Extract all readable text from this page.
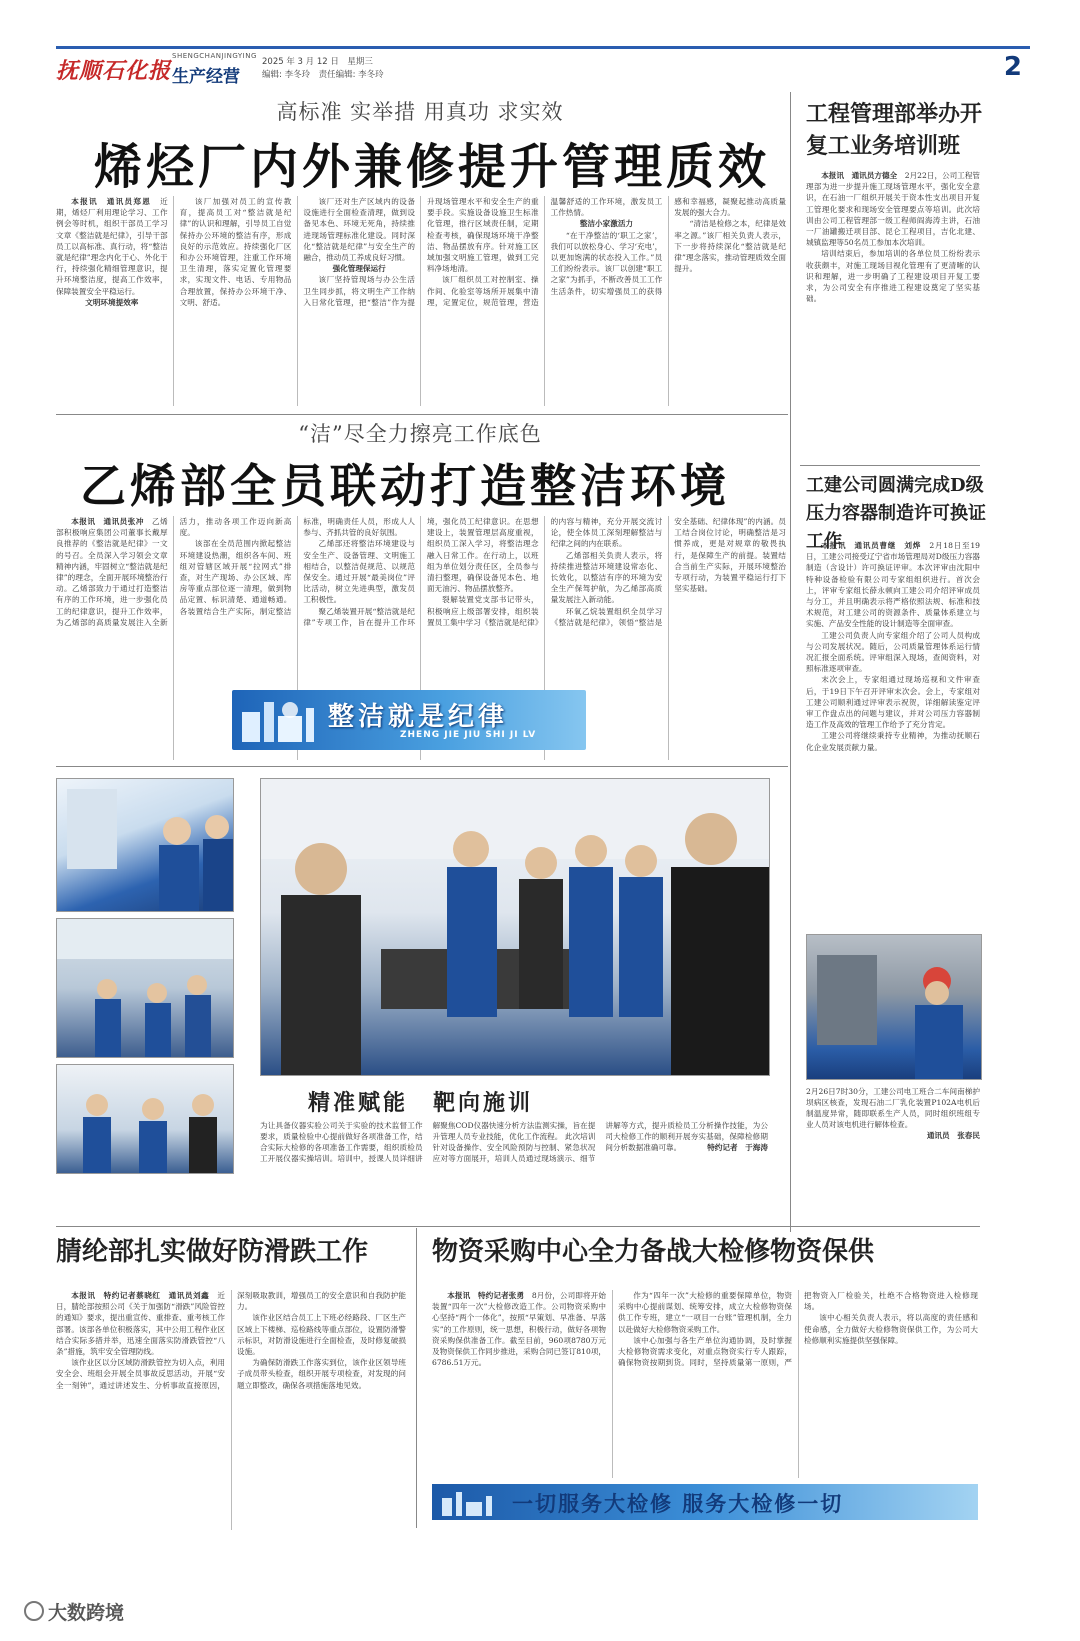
抚顺石化报
SHENGCHANJINGYING
生产经营
2025 年 3 月 12 日　星期三
编辑: 李冬玲　责任编辑: 李冬玲	2
高标准 实举措 用真功 求实效
烯烃厂内外兼修提升管理质效

本报讯　通讯员郑恩　 近期，烯烃厂利用理论学习、工作例会等时机，组织干部员工学习文章《整洁就是纪律》，引导干部员工以高标准、真行动，将“整洁就是纪律”理念内化于心、外化于行，持续强化精细管理意识，提升环境整洁度，提高工作效率，保障装置安全平稳运行。

文明环境提效率

该厂加强对员工的宣传教育，提高员工对“整洁就是纪律”的认识和理解，引导员工自觉保持办公环境的整洁有序，形成良好的示范效应。持续强化厂区和办公环境管理，注重工作环境卫生清理，落实定置化管理要求，实现文件、电话、专用物品合理放置，保持办公环境干净、文明、舒适。

该厂还对生产区域内的设备设施进行全面检查清理，做到设备见本色、环境无死角，持续推进现场管理标准化建设。同时深化“整洁就是纪律”与安全生产的融合，推动员工养成良好习惯。

强化管理保运行

该厂坚持管现场与办公生活卫生同步抓，将文明生产工作纳入日常化管理，把“整洁”作为提升现场管理水平和安全生产的重要手段。实施设备设施卫生标准化管理，推行区域责任制，定期检查考核，确保现场环境干净整洁、物品摆放有序。针对施工区域加强文明施工管理，做到工完料净场地清。

该厂组织员工对控制室、操作间、化验室等场所开展集中清理，定置定位，规范管理，营造温馨舒适的工作环境，激发员工工作热情。

整洁小家激活力

“在干净整洁的‘职工之家’，我们可以放松身心、学习‘充电’，以更加饱满的状态投入工作。”员工们纷纷表示。该厂以创建“职工之家”为抓手，不断改善员工工作生活条件，切实增强员工的获得感和幸福感，凝聚起推动高质量发展的强大合力。

“清洁是检修之本，纪律是效率之源。”该厂相关负责人表示，下一步将持续深化“整洁就是纪律”理念落实，推动管理质效全面提升。

“洁”尽全力擦亮工作底色
乙烯部全员联动打造整洁环境

本报讯　通讯员张冲　 乙烯部积极响应集团公司董事长戴厚良推荐的《整洁就是纪律》一文的号召。全员深入学习领会文章精神内涵，牢固树立“整洁就是纪律”的理念，全面开展环境整治行动。乙烯部致力于通过打造整洁有序的工作环境，进一步强化员工的纪律意识，提升工作效率，为乙烯部的高质量发展注入全新活力，推动各项工作迈向新高度。

该部在全员范围内掀起整洁环境建设热潮，组织各车间、班组对管辖区域开展“拉网式”排查，对生产现场、办公区域、库房等重点部位逐一清理，做到物品定置、标识清楚、通道畅通。各装置结合生产实际，制定整洁标准，明确责任人员，形成人人参与、齐抓共管的良好氛围。

乙烯部还将整洁环境建设与安全生产、设备管理、文明施工相结合，以整洁促规范、以规范保安全。通过开展“最美岗位”评比活动，树立先进典型，激发员工积极性。

聚乙烯装置开展“整洁就是纪律”专项工作，旨在提升工作环境，强化员工纪律意识。在思想建设上，装置管理层高度重视，组织员工深入学习，将整洁理念融入日常工作。在行动上，以班组为单位划分责任区，全员参与清扫整理，确保设备见本色、地面无油污、物品摆放整齐。

裂解装置党支部书记带头，积极响应上级部署安排，组织装置员工集中学习《整洁就是纪律》的内容与精神，充分开展交流讨论，使全体员工深刻理解整洁与纪律之间的内在联系。

乙烯部相关负责人表示，将持续推进整洁环境建设常态化、长效化，以整洁有序的环境为安全生产保驾护航，为乙烯部高质量发展注入新动能。

环氧乙烷装置组织全员学习《整洁就是纪律》，领悟“整洁是安全基础、纪律体现”的内涵。员工结合岗位讨论，明确整洁是习惯养成，更是对规章的敬畏执行，是保障生产的前提。装置结合当前生产实际，开展环境整治专项行动，为装置平稳运行打下坚实基础。

整洁就是纪律
ZHENG JIE JIU SHI JI LV
精准赋能　靶向施训
为让具备仪器实验公司关于实验的技术监督工作要求，质量检验中心提前做好各项准备工作，结合实际大检修的各项准备工作需要，组织质检员工开展仪器实操培训。培训中，授课人员详细讲解聚焦COD仪器快速分析方法监测实操，旨在提升管理人员专业技能，优化工作流程。 此次培训针对设备操作、安全风险预防与控制、紧急状况应对等方面展开，培训人员通过现场演示、细节讲解等方式，提升质检员工分析操作技能，为公司大检修工作的顺利开展夯实基础，保障检修期间分析数据准确可靠。	特约记者　于海涛
工程管理部举办开复工业务培训班

本报讯　通讯员方德全　 2月22日，公司工程管理部为进一步提升施工现场管理水平，强化安全意识，在石油一厂组织开展关于资本性支出项目开复工管理化要求和现场安全管理要点等培训。此次培训由公司工程管理部一级工程师阎海涛主讲，石油一厂油罐搬迁项目部、昆仑工程项目，吉化北建、城镇监理等50名员工参加本次培训。

培训结束后，参加培训的各单位员工纷纷表示收获颇丰，对施工现场目视化管理有了更清晰的认识和理解，进一步明确了工程建设项目开复工要求，为公司安全有序推进工程建设奠定了坚实基础。

工建公司圆满完成D级压力容器制造许可换证工作

本报讯　通讯员曹继　刘烨　 2月18日至19日，工建公司接受辽宁省市场管理局对D级压力容器制造（含设计）许可换证评审。本次评审由沈阳中特种设备检验有限公司专家组组织进行。首次会上，评审专家组长薛永顿向工建公司介绍评审成员与分工，并且明确表示将严格依照法规、标准和技术规范，对工建公司的资源条件、质量体系建立与实施、产品安全性能的设计制造等全面审查。

工建公司负责人向专家组介绍了公司人员构成与公司发展状况。随后，公司质量管理体系运行情况汇报全面系统。评审组深入现场，查阅资料，对照标准逐项审查。

末次会上，专家组通过现场巡视和文件审查后，于19日下午召开评审末次会。会上，专家组对工建公司顺利通过评审表示祝贺，详细解读鉴定评审工作盘点出的问题与建议，并对公司压力容器制造工作及高效的管理工作给予了充分肯定。

工建公司将继续秉持专业精神，为推动抚顺石化企业发展贡献力量。

2月26日7时30分，工建公司电工班合二车间南梯护坝病区核查，发现石油二厂乳化装置P102A电机后制温度异常，随即联系生产人员，同时组织班组专业人员对该电机进行解体检查。
通讯员　张春民
腈纶部扎实做好防滑跌工作

本报讯　特约记者蔡晓红　通讯员刘鑫　 近日，腈纶部按照公司《关于加强防“滑跌”风险管控的通知》要求，提出重宣传、重排查、重考核工作部署。该部各单位积极落实，其中公用工程作业区结合实际多措并举，迅速全面落实防滑跌管控“八条”措施，筑牢安全管理防线。

该作业区以分区域防滑跌管控为切入点，利用安全会、班组会开展全员事故反思活动，开展“安全一刻钟”，通过讲述发生、分析事故直接原因，深刻吸取教训，增强员工的安全意识和自我防护能力。

该作业区结合员工上下班必经路段、厂区生产区域上下楼梯、巡检路线等重点部位，设置防滑警示标识，对防滑设施进行全面检查，及时修复破损设施。

为确保防滑跌工作落实到位，该作业区领导班子成员带头检查，组织开展专项检查，对发现的问题立即整改，确保各项措施落地见效。

物资采购中心全力备战大检修物资保供

本报讯　特约记者张勇　 8月份，公司即将开始装置“四年一次”大检修改造工作。公司物资采购中心坚持“两个一体化”，按照“早策划、早准备、早落实”的工作原则，统一思想，积极行动，做好各项物资采购保供准备工作。截至目前，960项8780万元及物资保供工作同步推进，采购合同已签订810项，6786.51万元。

作为“四年一次”大检修的重要保障单位，物资采购中心提前谋划、统筹安排，成立大检修物资保供工作专班，建立“一项目一台账”管理机制，全力以赴做好大检修物资采购工作。

该中心加强与各生产单位沟通协调，及时掌握大检修物资需求变化，对重点物资实行专人跟踪，确保物资按期到货。同时，坚持质量第一原则，严把物资入厂检验关，杜绝不合格物资进入检修现场。

该中心相关负责人表示，将以高度的责任感和使命感，全力做好大检修物资保供工作，为公司大检修顺利实施提供坚强保障。

一切服务大检修 服务大检修一切
大数跨境
